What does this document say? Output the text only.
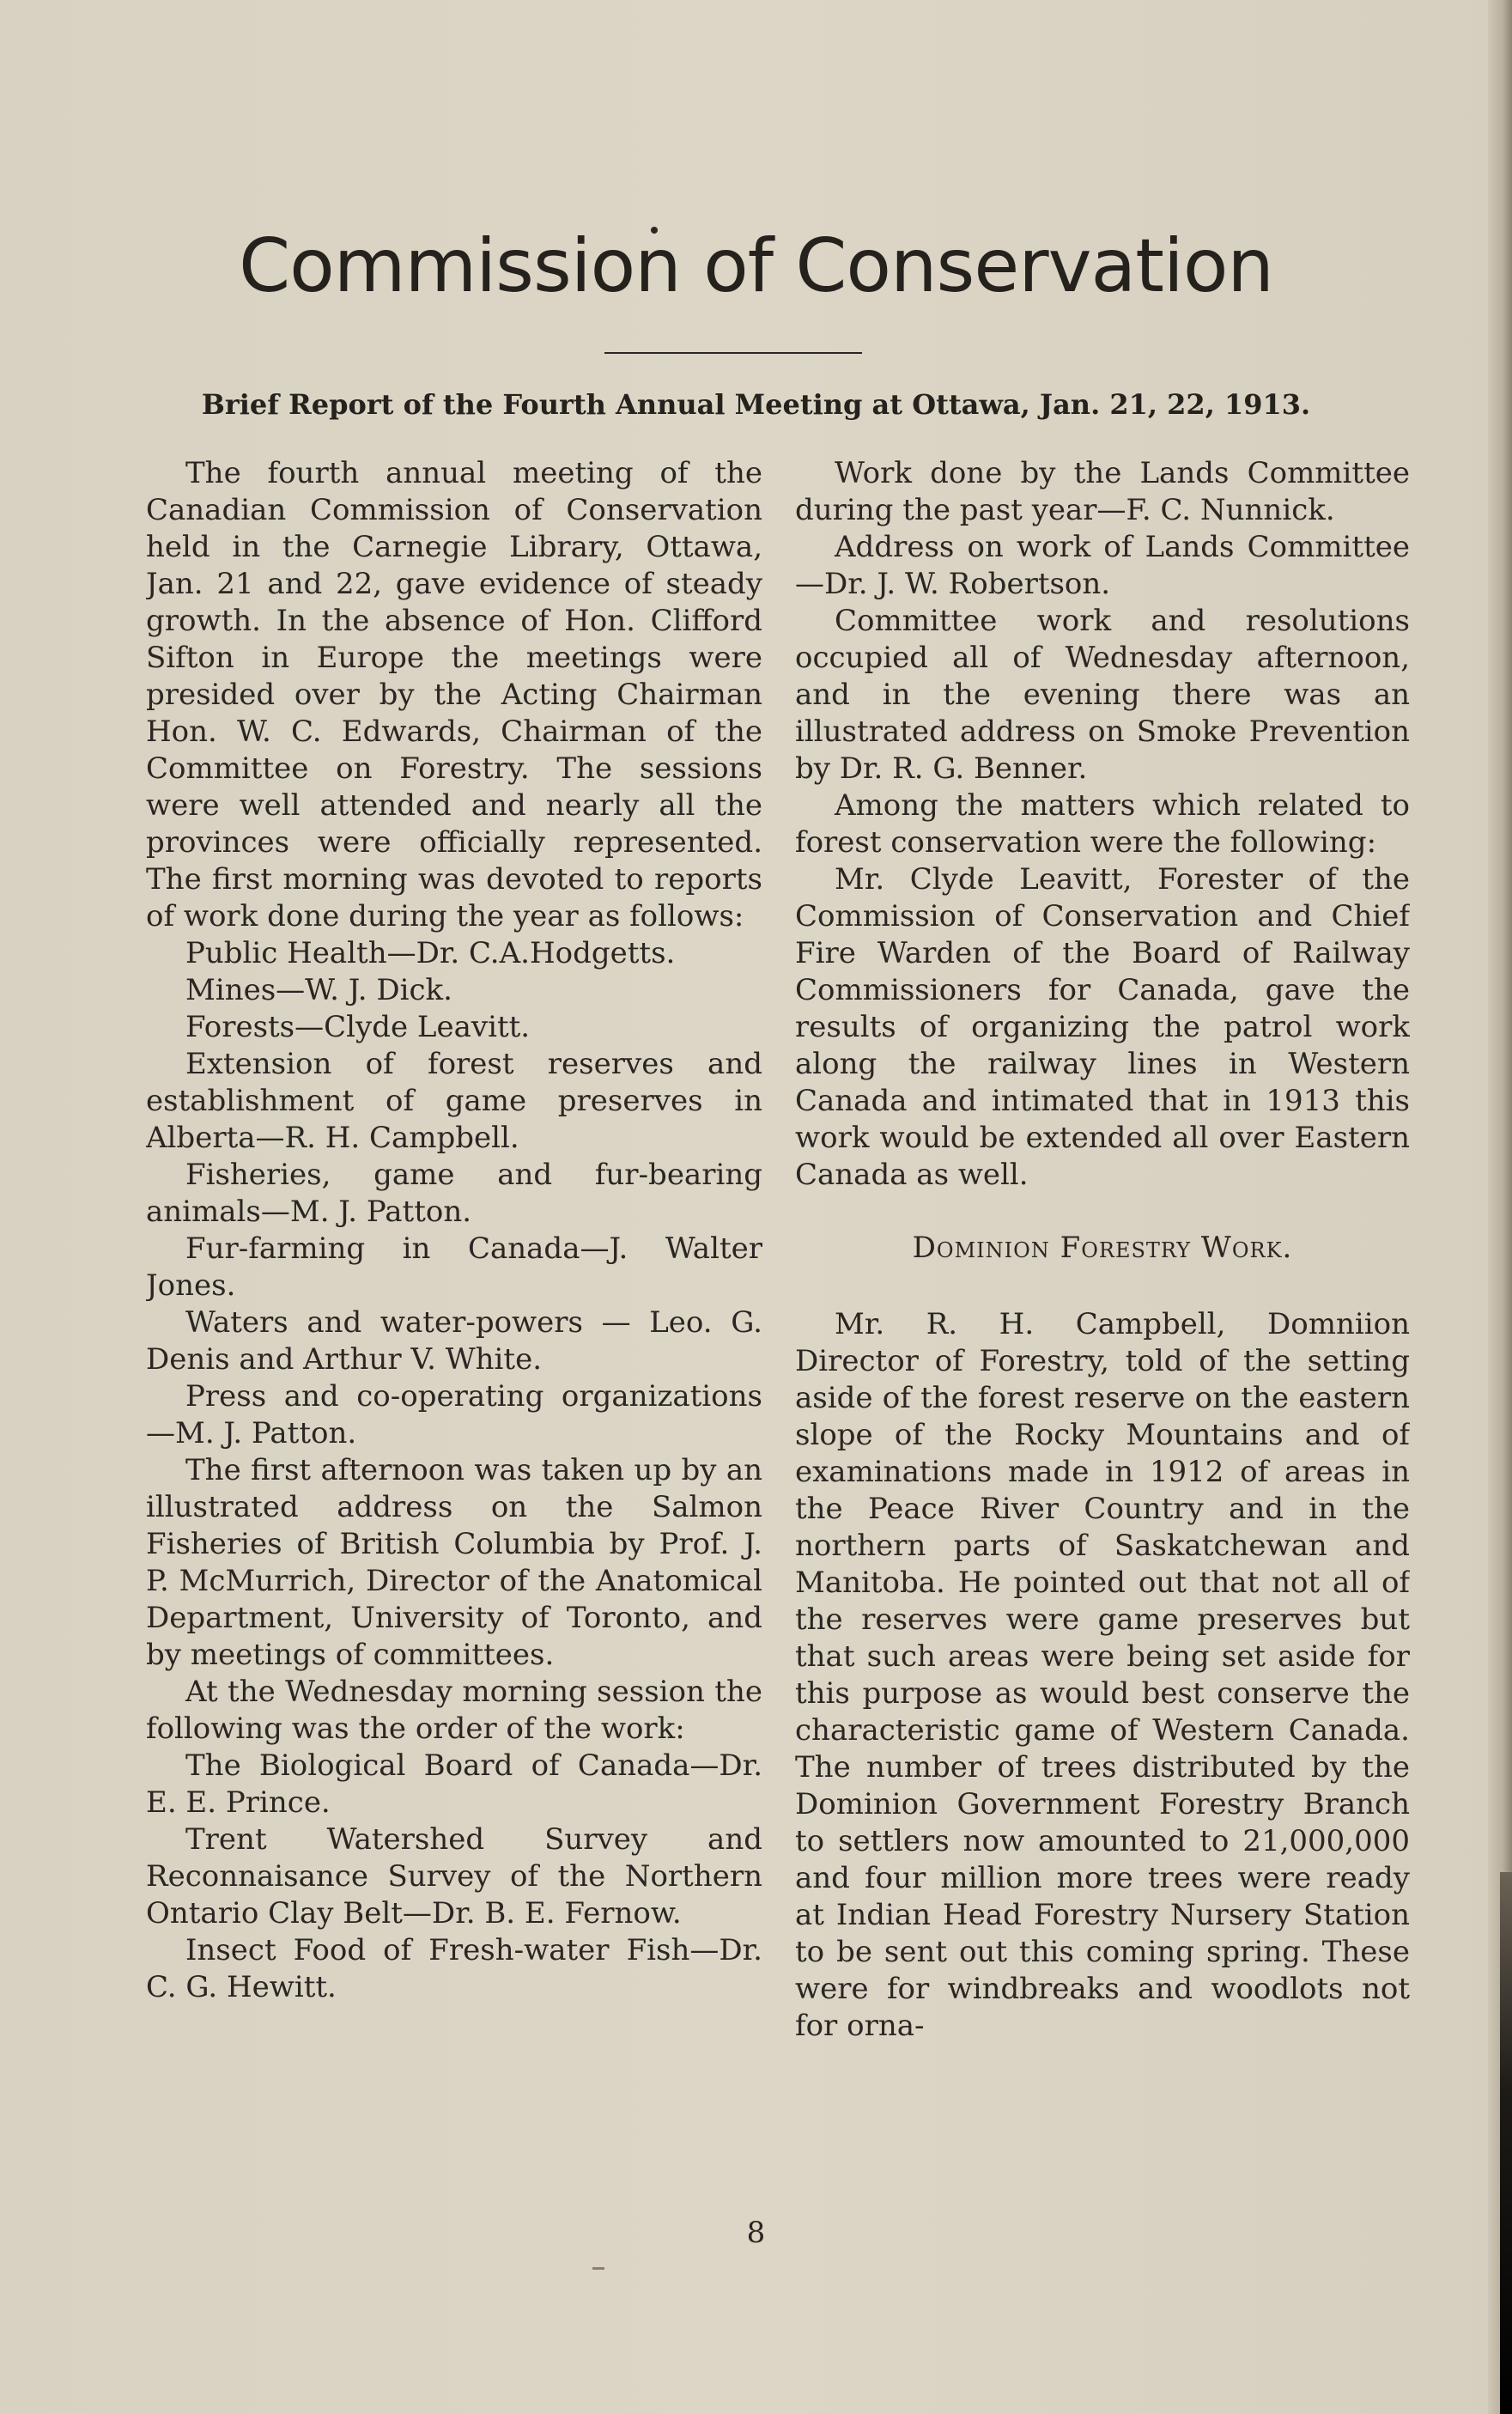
Commission of Conservation
Brief Report of the Fourth Annual Meeting at Ottawa, Jan. 21, 22, 1913.

The fourth annual meeting of the Canadian Commission of Conservation held in the Carnegie Library, Ottawa, Jan. 21 and 22, gave evidence of steady growth. In the absence of Hon. Clifford Sifton in Europe the meetings were presided over by the Acting Chairman Hon. W. C. Edwards, Chairman of the Committee on Forestry. The sessions were well attended and nearly all the provinces were officially represented. The first morning was devoted to reports of work done during the year as follows:

Public Health—Dr. C.A.Hodgetts.

Mines—W. J. Dick.

Forests—Clyde Leavitt.

Extension of forest reserves and establishment of game preserves in Alberta—R. H. Campbell.

Fisheries, game and fur-bearing animals—M. J. Patton.

Fur-farming in Canada—J. Walter Jones.

Waters and water-powers — Leo. G. Denis and Arthur V. White.

Press and co-operating organizations—M. J. Patton.

The first afternoon was taken up by an illustrated address on the Salmon Fisheries of British Columbia by Prof. J. P. McMurrich, Director of the Anatomical Department, University of Toronto, and by meetings of committees.

At the Wednesday morning session the following was the order of the work:

The Biological Board of Canada—Dr. E. E. Prince.

Trent Watershed Survey and Reconnaisance Survey of the Northern Ontario Clay Belt—Dr. B. E. Fernow.

Insect Food of Fresh-water Fish—Dr. C. G. Hewitt.

Work done by the Lands Committee during the past year—F. C. Nunnick.

Address on work of Lands Committee—Dr. J. W. Robertson.

Committee work and resolutions occupied all of Wednesday afternoon, and in the evening there was an illustrated address on Smoke Prevention by Dr. R. G. Benner.

Among the matters which related to forest conservation were the following:

Mr. Clyde Leavitt, Forester of the Commission of Conservation and Chief Fire Warden of the Board of Railway Commissioners for Canada, gave the results of organizing the patrol work along the railway lines in Western Canada and intimated that in 1913 this work would be extended all over Eastern Canada as well.

Dominion Forestry Work.

Mr. R. H. Campbell, Domniion Director of Forestry, told of the setting aside of the forest reserve on the eastern slope of the Rocky Mountains and of examinations made in 1912 of areas in the Peace River Country and in the northern parts of Saskatchewan and Manitoba. He pointed out that not all of the reserves were game preserves but that such areas were being set aside for this purpose as would best conserve the characteristic game of Western Canada. The number of trees distributed by the Dominion Government Forestry Branch to settlers now amounted to 21,000,000 and four million more trees were ready at Indian Head Forestry Nursery Station to be sent out this coming spring. These were for windbreaks and woodlots not for orna-

8
